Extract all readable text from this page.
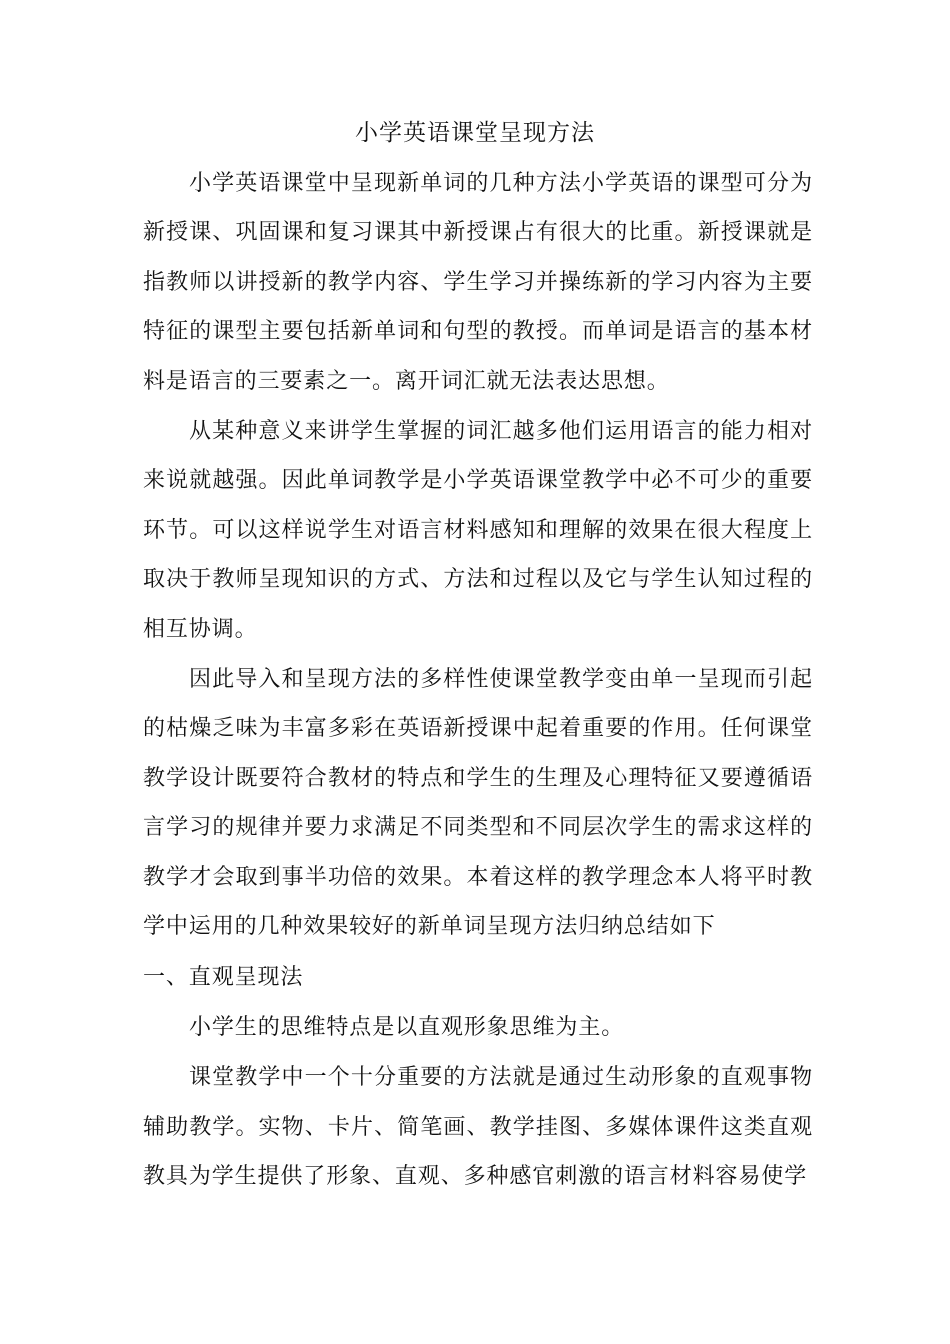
小学英语课堂呈现方法

小学英语课堂中呈现新单词的几种方法小学英语的课型可分为新授课、巩固课和复习课其中新授课占有很大的比重。新授课就是指教师以讲授新的教学内容、学生学习并操练新的学习内容为主要特征的课型主要包括新单词和句型的教授。而单词是语言的基本材料是语言的三要素之一。离开词汇就无法表达思想。

从某种意义来讲学生掌握的词汇越多他们运用语言的能力相对来说就越强。因此单词教学是小学英语课堂教学中必不可少的重要环节。可以这样说学生对语言材料感知和理解的效果在很大程度上取决于教师呈现知识的方式、方法和过程以及它与学生认知过程的相互协调。

因此导入和呈现方法的多样性使课堂教学变由单一呈现而引起的枯燥乏味为丰富多彩在英语新授课中起着重要的作用。任何课堂教学设计既要符合教材的特点和学生的生理及心理特征又要遵循语言学习的规律并要力求满足不同类型和不同层次学生的需求这样的教学才会取到事半功倍的效果。本着这样的教学理念本人将平时教学中运用的几种效果较好的新单词呈现方法归纳总结如下

一、直观呈现法

小学生的思维特点是以直观形象思维为主。

课堂教学中一个十分重要的方法就是通过生动形象的直观事物辅助教学。实物、卡片、简笔画、教学挂图、多媒体课件这类直观教具为学生提供了形象、直观、多种感官刺激的语言材料容易使学
